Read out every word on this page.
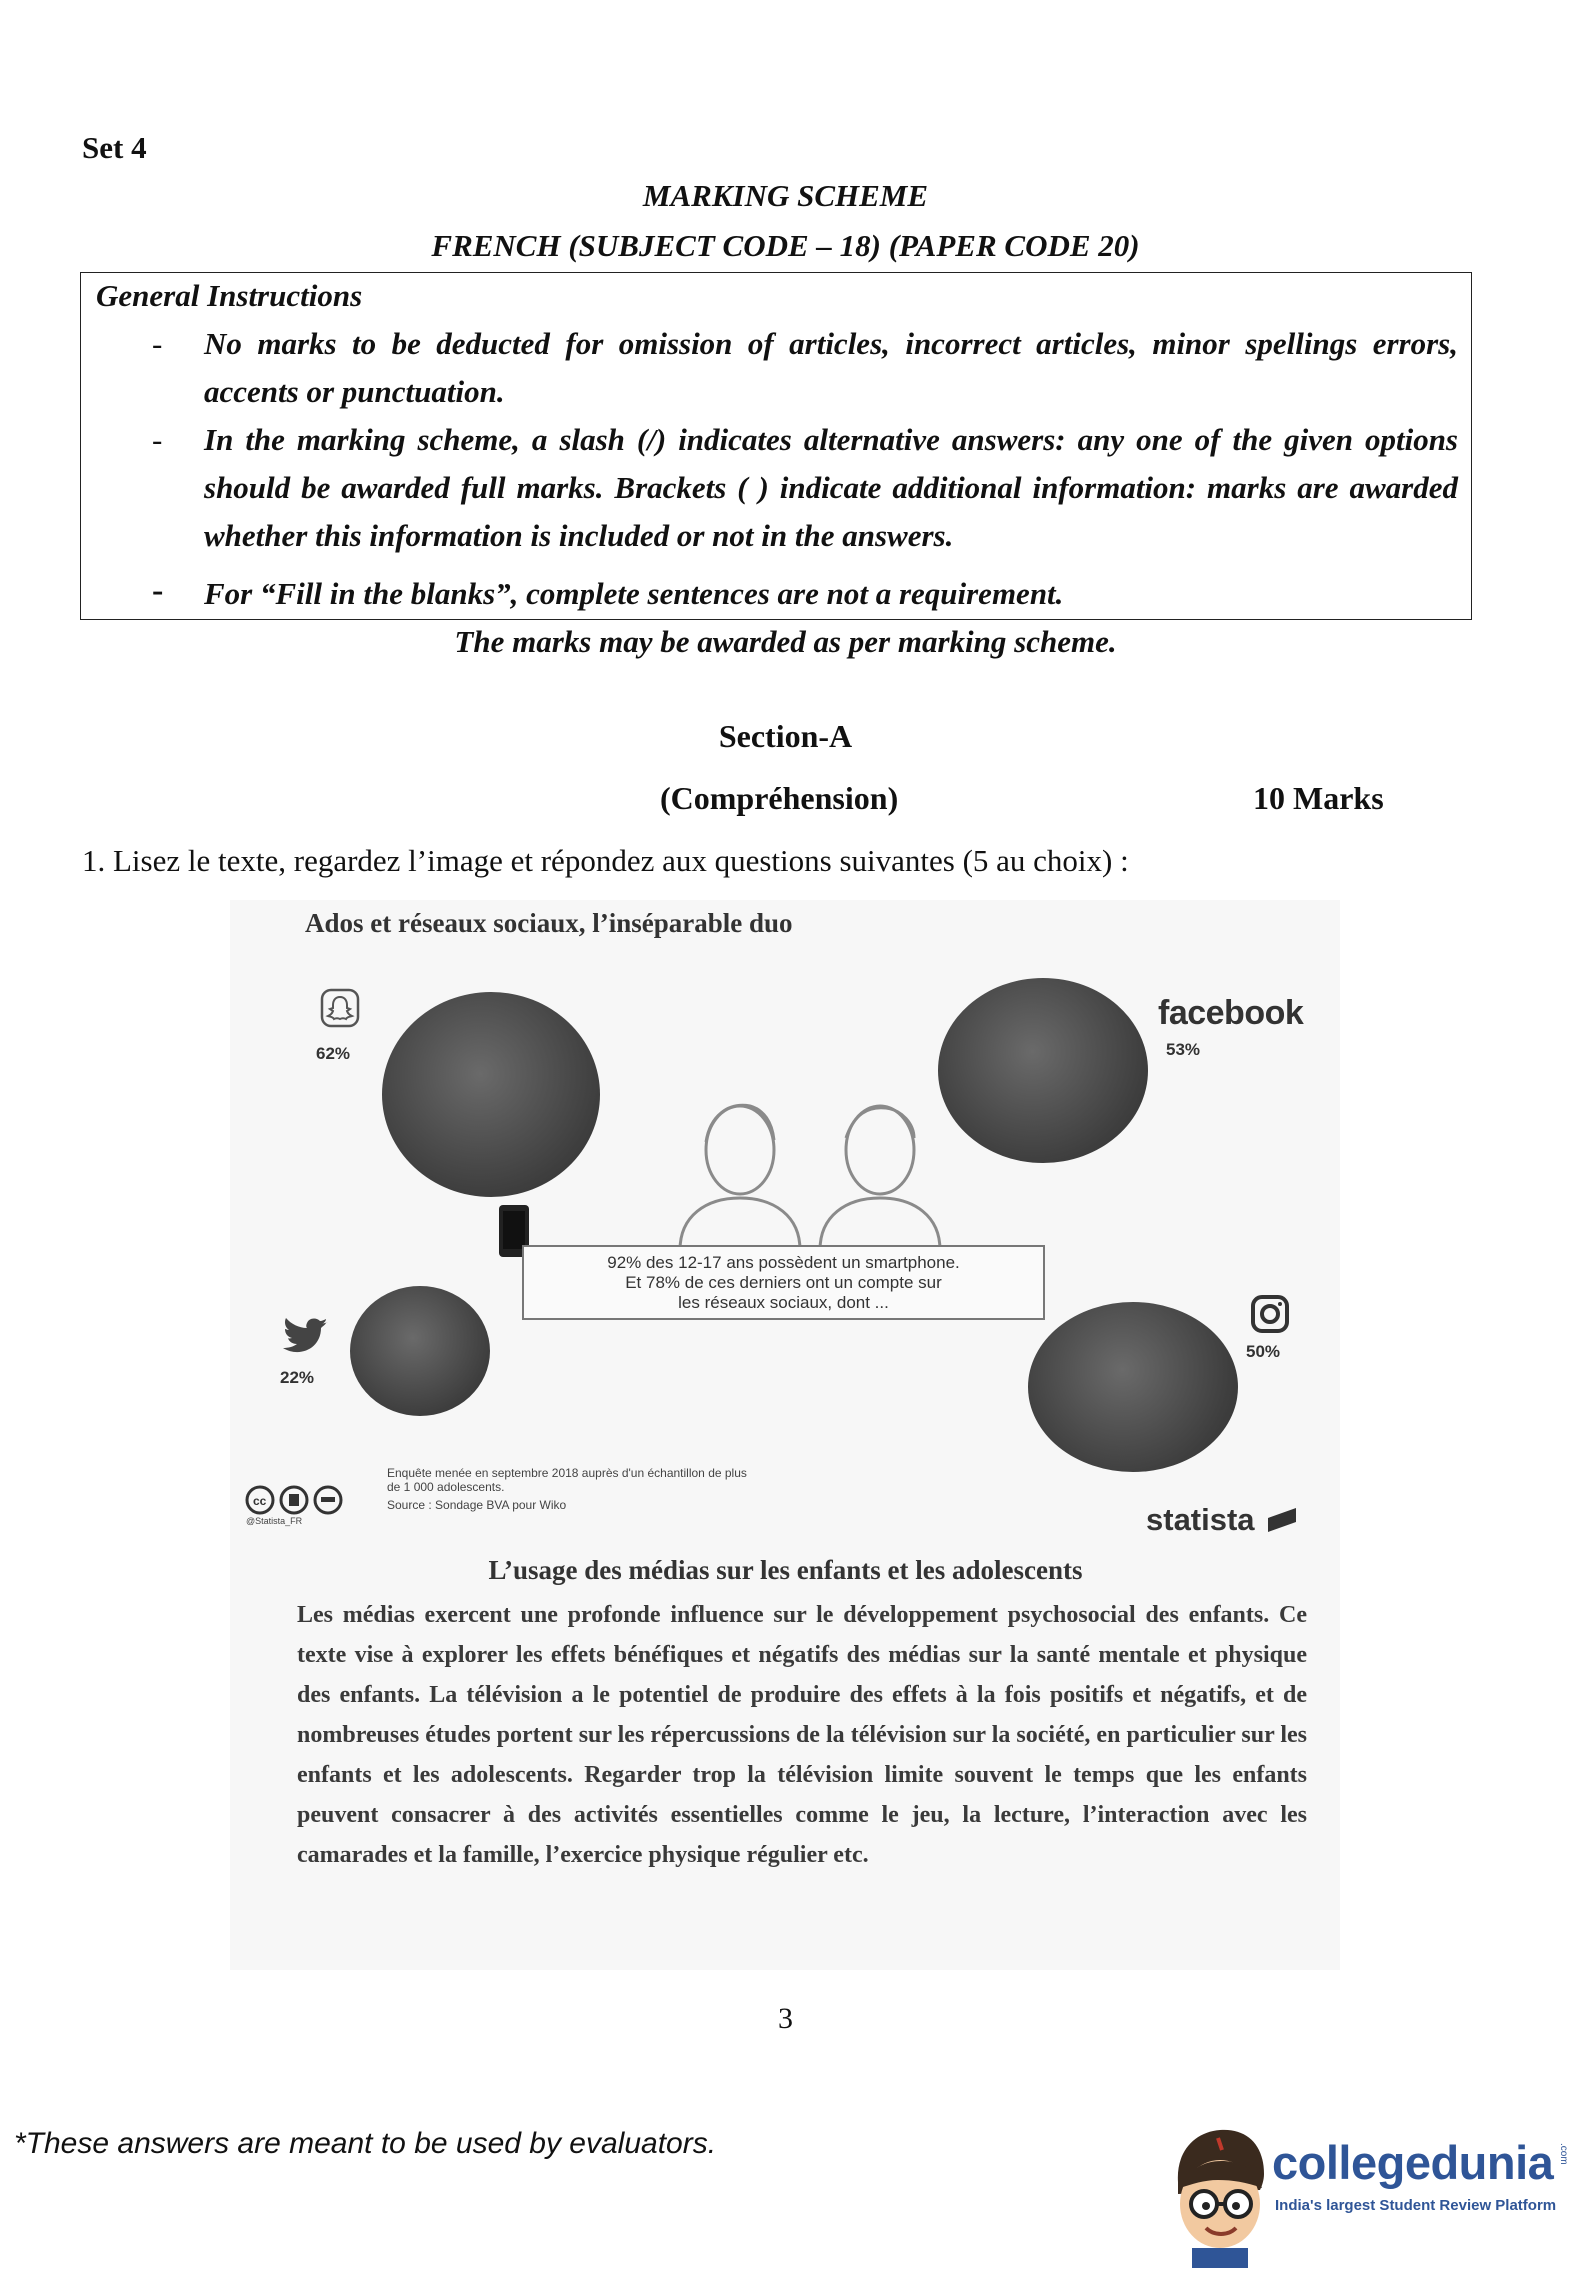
Set 4
MARKING SCHEME
FRENCH (SUBJECT CODE – 18) (PAPER CODE 20)
General Instructions
- No marks to be deducted for omission of articles, incorrect articles, minor spellings errors, accents or punctuation.
- In the marking scheme, a slash (/) indicates alternative answers: any one of the given options should be awarded full marks. Brackets ( ) indicate additional information: marks are awarded whether this information is included or not in the answers.
- For “Fill in the blanks”, complete sentences are not a requirement.
The marks may be awarded as per marking scheme.
Section-A
(Compréhension)	10 Marks
1. Lisez le texte, regardez l’image et répondez aux questions suivantes (5 au choix) :
Ados et réseaux sociaux, l’inséparable duo
62%
facebook
53%
92% des 12-17 ans possèdent un smartphone.
Et 78% de ces derniers ont un compte sur
les réseaux sociaux, dont ...
22%
50%
cc
@Statista_FR
Enquête menée en septembre 2018 auprès d'un échantillon de plus
de 1 000 adolescents.
Source : Sondage BVA pour Wiko	statista
L’usage des médias sur les enfants et les adolescents
Les médias exercent une profonde influence sur le développement psychosocial des enfants. Ce texte vise à explorer les effets bénéfiques et négatifs des médias sur la santé mentale et physique des enfants. La télévision a le potentiel de produire des effets à la fois positifs et négatifs, et de nombreuses études portent sur les répercussions de la télévision sur la société, en particulier sur les enfants et les adolescents. Regarder trop la télévision limite souvent le temps que les enfants peuvent consacrer à des activités essentielles comme le jeu, la lecture, l’interaction avec les camarades et la famille, l’exercice physique régulier etc.
3
*These answers are meant to be used by evaluators.	collegedunia .com
India's largest Student Review Platform
